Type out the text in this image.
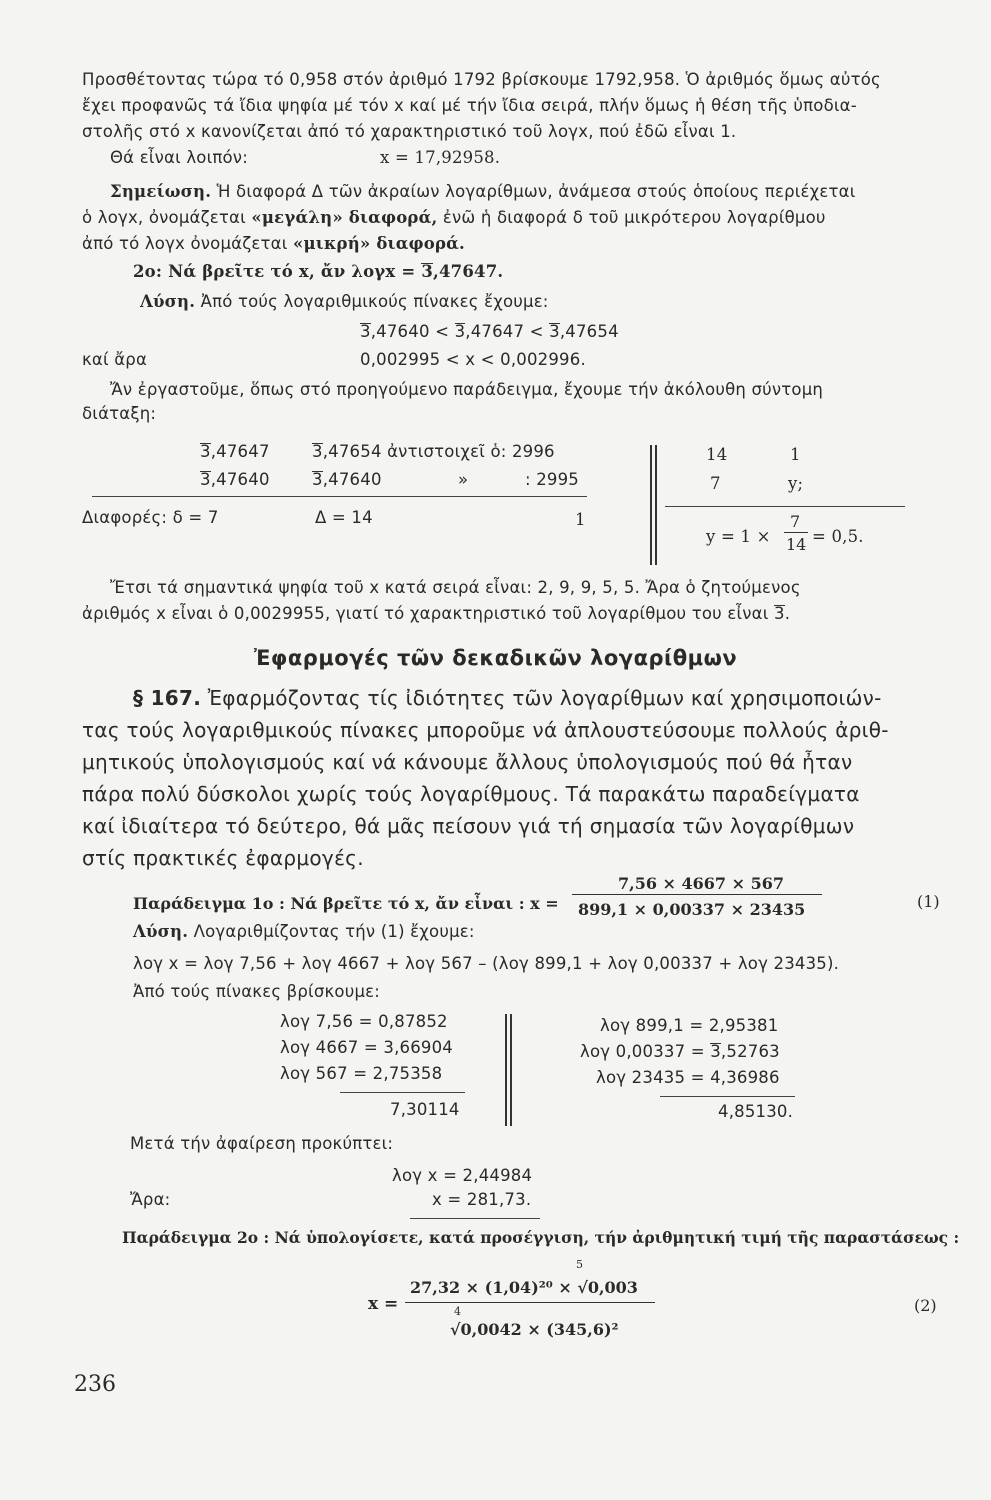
Προσθέτοντας τώρα τό 0,958 στόν ἀριθμό 1792 βρίσκουμε 1792,958. Ὁ ἀριθμός ὅμως αὐτός
ἔχει προφανῶς τά ἴδια ψηφία μέ τόν x καί μέ τήν ἴδια σειρά, πλήν ὅμως ἡ θέση τῆς ὑποδια-
στολῆς στό x κανονίζεται ἀπό τό χαρακτηριστικό τοῦ λογx, πού ἐδῶ εἶναι 1.
Θά εἶναι λοιπόν:	x = 17,92958.
Σημείωση. Ἡ διαφορά Δ τῶν ἀκραίων λογαρίθμων, ἀνάμεσα στούς ὁποίους περιέχεται
ὁ λογx, ὀνομάζεται «μεγάλη» διαφορά, ἐνῶ ἡ διαφορά δ τοῦ μικρότερου λογαρίθμου
ἀπό τό λογx ὀνομάζεται «μικρή» διαφορά.
2ο: Νά βρεῖτε τό x, ἄν λογx = 3,47647.
Λύση. Ἀπό τούς λογαριθμικούς πίνακες ἔχουμε:
3,47640 < 3,47647 < 3,47654
καί ἄρα	0,002995 < x < 0,002996.
Ἄν ἐργαστοῦμε, ὅπως στό προηγούμενο παράδειγμα, ἔχουμε τήν ἀκόλουθη σύντομη
διάταξη:
3,47647	3,47654 ἀντιστοιχεῖ ὁ: 2996
3,47640	3,47640	»	: 2995
Διαφορές: δ = 7	Δ = 14	1
14	1
7	y;
y = 1 ×
7
14 = 0,5.
Ἔτσι τά σημαντικά ψηφία τοῦ x κατά σειρά εἶναι: 2, 9, 9, 5, 5. Ἄρα ὁ ζητούμενος
ἀριθμός x εἶναι ὁ 0,0029955, γιατί τό χαρακτηριστικό τοῦ λογαρίθμου του εἶναι 3.
Ἐφαρμογές τῶν δεκαδικῶν λογαρίθμων
§ 167. Ἐφαρμόζοντας τίς ἰδιότητες τῶν λογαρίθμων καί χρησιμοποιών-
τας τούς λογαριθμικούς πίνακες μποροῦμε νά ἀπλουστεύσουμε πολλούς ἀριθ-
μητικούς ὑπολογισμούς καί νά κάνουμε ἄλλους ὑπολογισμούς πού θά ἦταν
πάρα πολύ δύσκολοι χωρίς τούς λογαρίθμους. Τά παρακάτω παραδείγματα
καί ἰδιαίτερα τό δεύτερο, θά μᾶς πείσουν γιά τή σημασία τῶν λογαρίθμων
στίς πρακτικές ἐφαρμογές.
Παράδειγμα 1ο : Νά βρεῖτε τό x, ἄν εἶναι : x =
7,56 × 4667 × 567
899,1 × 0,00337 × 23435	(1)
Λύση. Λογαριθμίζοντας τήν (1) ἔχουμε:
λογ x = λογ 7,56 + λογ 4667 + λογ 567 – (λογ 899,1 + λογ 0,00337 + λογ 23435).
Ἀπό τούς πίνακες βρίσκουμε:
λογ 7,56 = 0,87852
λογ 4667 = 3,66904
λογ 567 = 2,75358
7,30114
λογ 899,1 = 2,95381
λογ 0,00337 = 3,52763
λογ 23435 = 4,36986
4,85130.
Μετά τήν ἀφαίρεση προκύπτει:
λογ x = 2,44984
Ἄρα:	x = 281,73.
Παράδειγμα 2ο : Νά ὑπολογίσετε, κατά προσέγγιση, τήν ἀριθμητική τιμή τῆς παραστάσεως :
x =
5
27,32 × (1,04)²⁰ × √0,003
4
√0,0042 × (345,6)²
(2)
236
